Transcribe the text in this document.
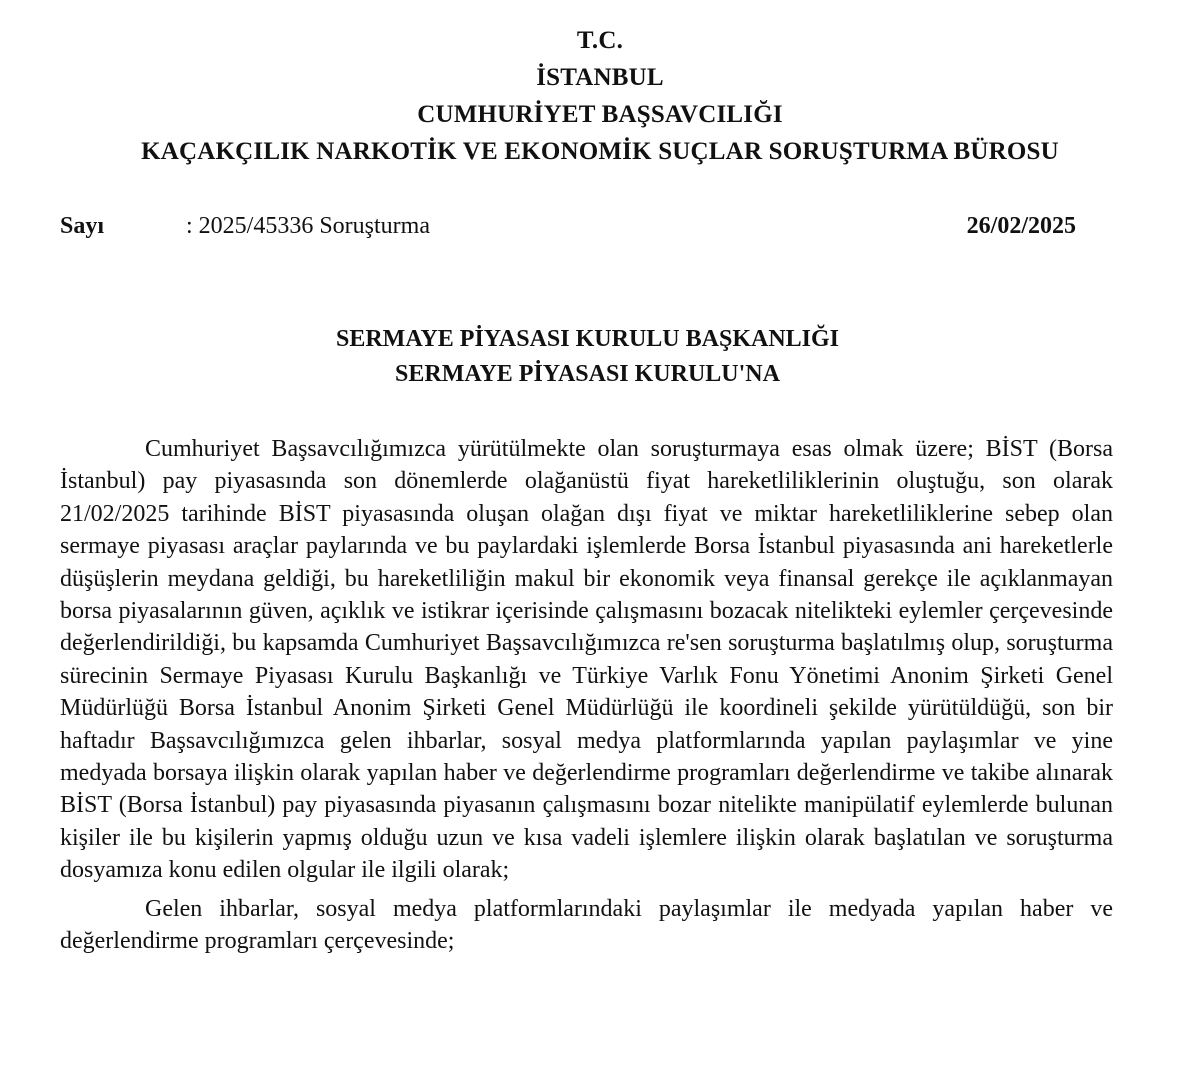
T.C.
İSTANBUL
CUMHURİYET BAŞSAVCILIĞI
KAÇAKÇILIK NARKOTİK VE EKONOMİK SUÇLAR SORUŞTURMA BÜROSU
Sayı	: 2025/45336 Soruşturma	26/02/2025
SERMAYE PİYASASI KURULU BAŞKANLIĞI
SERMAYE PİYASASI KURULU'NA

Cumhuriyet Başsavcılığımızca yürütülmekte olan soruşturmaya esas olmak üzere; BİST (Borsa İstanbul) pay piyasasında son dönemlerde olağanüstü fiyat hareketliliklerinin oluştuğu, son olarak 21/02/2025 tarihinde BİST piyasasında oluşan olağan dışı fiyat ve miktar hareketliliklerine sebep olan sermaye piyasası araçlar paylarında ve bu paylardaki işlemlerde Borsa İstanbul piyasasında ani hareketlerle düşüşlerin meydana geldiği, bu hareketliliğin makul bir ekonomik veya finansal gerekçe ile açıklanmayan borsa piyasalarının güven, açıklık ve istikrar içerisinde çalışmasını bozacak nitelikteki eylemler çerçevesinde değerlendirildiği, bu kapsamda Cumhuriyet Başsavcılığımızca re'sen soruşturma başlatılmış olup, soruşturma sürecinin Sermaye Piyasası Kurulu Başkanlığı ve Türkiye Varlık Fonu Yönetimi Anonim Şirketi Genel Müdürlüğü Borsa İstanbul Anonim Şirketi Genel Müdürlüğü ile koordineli şekilde yürütüldüğü, son bir haftadır Başsavcılığımızca gelen ihbarlar, sosyal medya platformlarında yapılan paylaşımlar ve yine medyada borsaya ilişkin olarak yapılan haber ve değerlendirme programları değerlendirme ve takibe alınarak BİST (Borsa İstanbul) pay piyasasında piyasanın çalışmasını bozar nitelikte manipülatif eylemlerde bulunan kişiler ile bu kişilerin yapmış olduğu uzun ve kısa vadeli işlemlere ilişkin olarak başlatılan ve soruşturma dosyamıza konu edilen olgular ile ilgili olarak;

Gelen ihbarlar, sosyal medya platformlarındaki paylaşımlar ile medyada yapılan haber ve değerlendirme programları çerçevesinde;
